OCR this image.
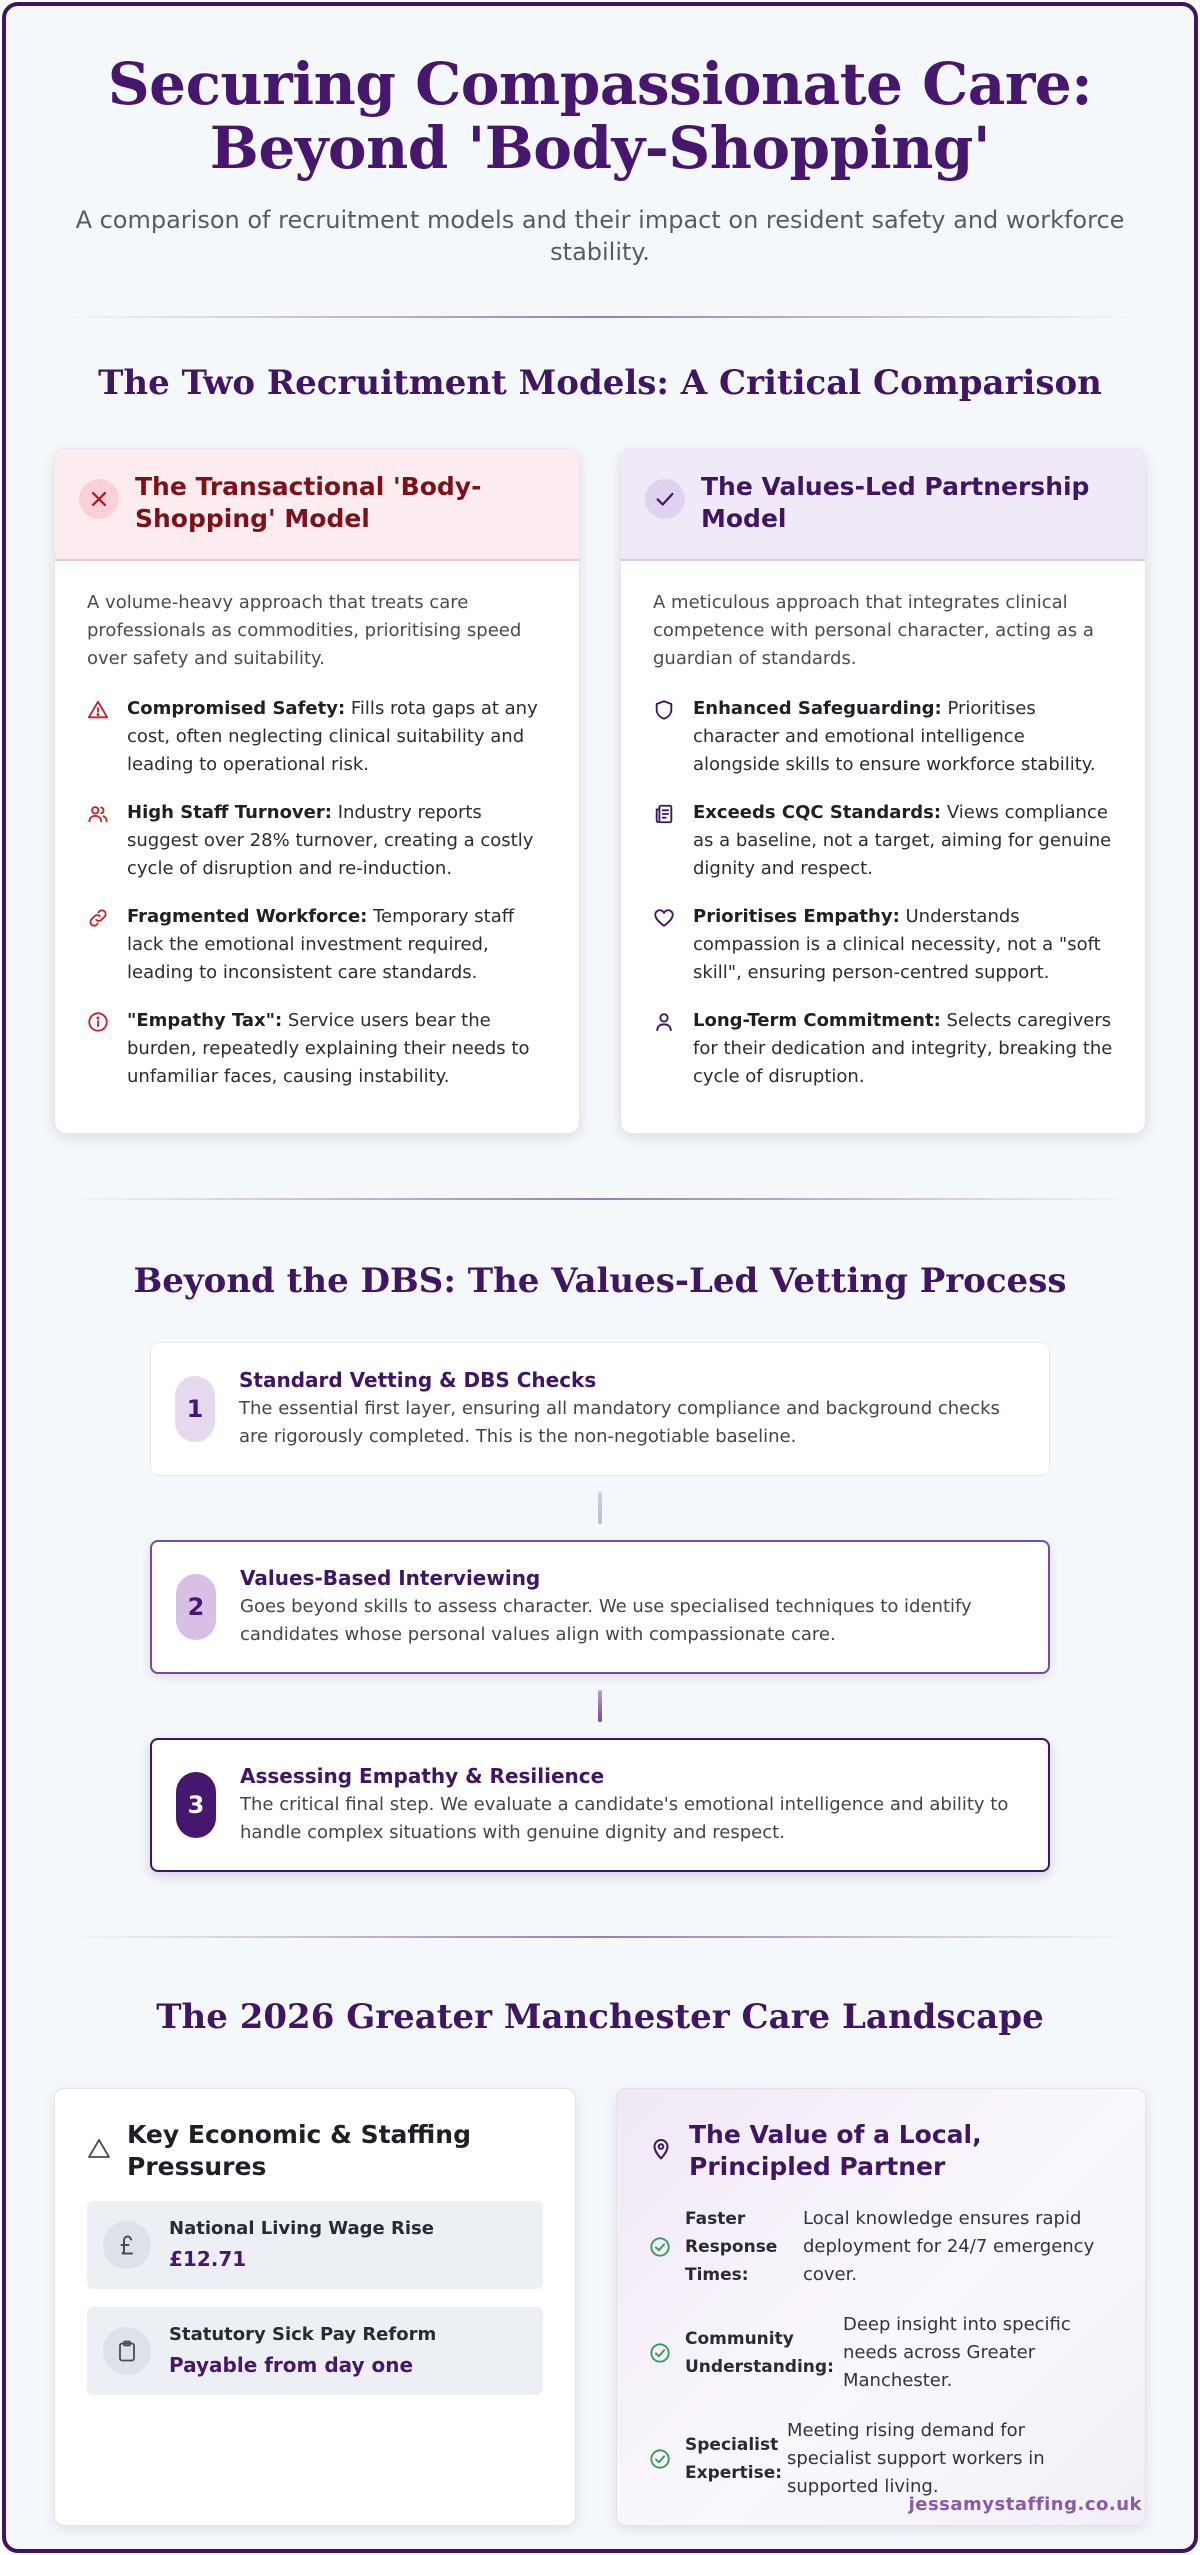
Securing Compassionate Care:
Beyond 'Body-Shopping'

A comparison of recruitment models and their impact on resident safety and workforce stability.

The Two Recruitment Models: A Critical Comparison
The Transactional 'Body-Shopping' Model

A volume-heavy approach that treats care professionals as commodities, prioritising speed over safety and suitability.

Compromised Safety: Fills rota gaps at any cost, often neglecting clinical suitability and leading to operational risk.
High Staff Turnover: Industry reports suggest over 28% turnover, creating a costly cycle of disruption and re-induction.
Fragmented Workforce: Temporary staff lack the emotional investment required, leading to inconsistent care standards.
"Empathy Tax": Service users bear the burden, repeatedly explaining their needs to unfamiliar faces, causing instability.
The Values-Led Partnership Model

A meticulous approach that integrates clinical competence with personal character, acting as a guardian of standards.

Enhanced Safeguarding: Prioritises character and emotional intelligence alongside skills to ensure workforce stability.
Exceeds CQC Standards: Views compliance as a baseline, not a target, aiming for genuine dignity and respect.
Prioritises Empathy: Understands compassion is a clinical necessity, not a "soft skill", ensuring person-centred support.
Long-Term Commitment: Selects caregivers for their dedication and integrity, breaking the cycle of disruption.
Beyond the DBS: The Values-Led Vetting Process
1
Standard Vetting & DBS Checks

The essential first layer, ensuring all mandatory compliance and background checks are rigorously completed. This is the non-negotiable baseline.

2
Values-Based Interviewing

Goes beyond skills to assess character. We use specialised techniques to identify candidates whose personal values align with compassionate care.

3
Assessing Empathy & Resilience

The critical final step. We evaluate a candidate's emotional intelligence and ability to handle complex situations with genuine dignity and respect.

The 2026 Greater Manchester Care Landscape
Key Economic & Staffing Pressures
National Living Wage Rise
£12.71
Statutory Sick Pay Reform
Payable from day one
The Value of a Local, Principled Partner
Faster
Response
Times:
Local knowledge ensures rapid deployment for 24/7 emergency cover.
Community
Understanding:
Deep insight into specific needs across Greater Manchester.
Specialist
Expertise:
Meeting rising demand for specialist support workers in supported living.
jessamystaffing.co.uk
